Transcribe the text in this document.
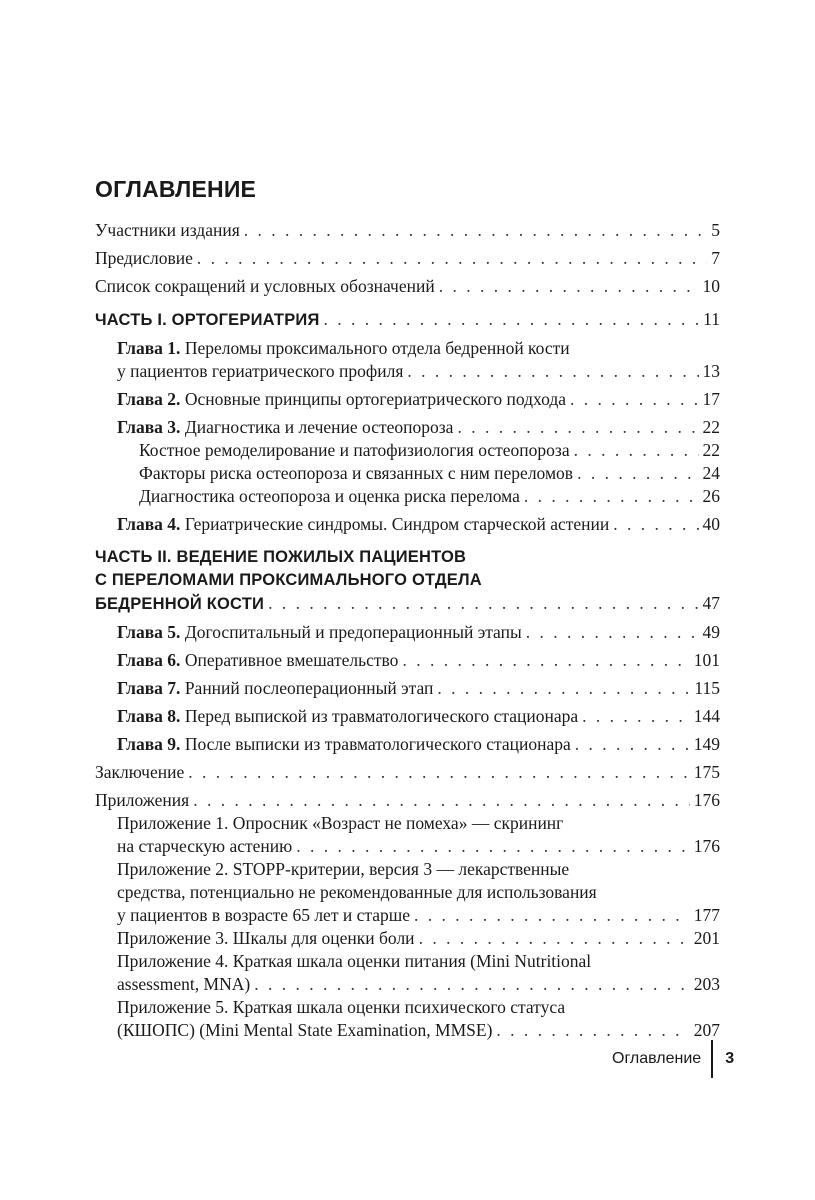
ОГЛАВЛЕНИЕ
Участники издания . . .	5
Предисловие . . .	7
Список сокращений и условных обозначений . . .	10
ЧАСТЬ I. ОРТОГЕРИАТРИЯ . . .	11
Глава 1. Переломы проксимального отдела бедренной кости
у пациентов гериатрического профиля . . .	13
Глава 2. Основные принципы ортогериатрического подхода . . .	17
Глава 3. Диагностика и лечение остеопороза . . .	22
Костное ремоделирование и патофизиология остеопороза . . .	22
Факторы риска остеопороза и связанных с ним переломов . . .	24
Диагностика остеопороза и оценка риска перелома . . .	26
Глава 4. Гериатрические синдромы. Синдром старческой астении . . .	40
ЧАСТЬ II. ВЕДЕНИЕ ПОЖИЛЫХ ПАЦИЕНТОВ
С ПЕРЕЛОМАМИ ПРОКСИМАЛЬНОГО ОТДЕЛА
БЕДРЕННОЙ КОСТИ . . .	47
Глава 5. Догоспитальный и предоперационный этапы . . .	49
Глава 6. Оперативное вмешательство . . .	101
Глава 7. Ранний послеоперационный этап . . .	115
Глава 8. Перед выпиской из травматологического стационара . . .	144
Глава 9. После выписки из травматологического стационара . . .	149
Заключение . . .	175
Приложения . . .	176
Приложение 1. Опросник «Возраст не помеха» — скрининг
на старческую астению . . .	176
Приложение 2. STOPP-критерии, версия 3 — лекарственные
средства, потенциально не рекомендованные для использования
у пациентов в возрасте 65 лет и старше . . .	177
Приложение 3. Шкалы для оценки боли . . .	201
Приложение 4. Краткая шкала оценки питания (Mini Nutritional
assessment, MNA) . . .	203
Приложение 5. Краткая шкала оценки психического статуса
(КШОПС) (Mini Mental State Examination, MMSE) . . .	207
Оглавление 3
